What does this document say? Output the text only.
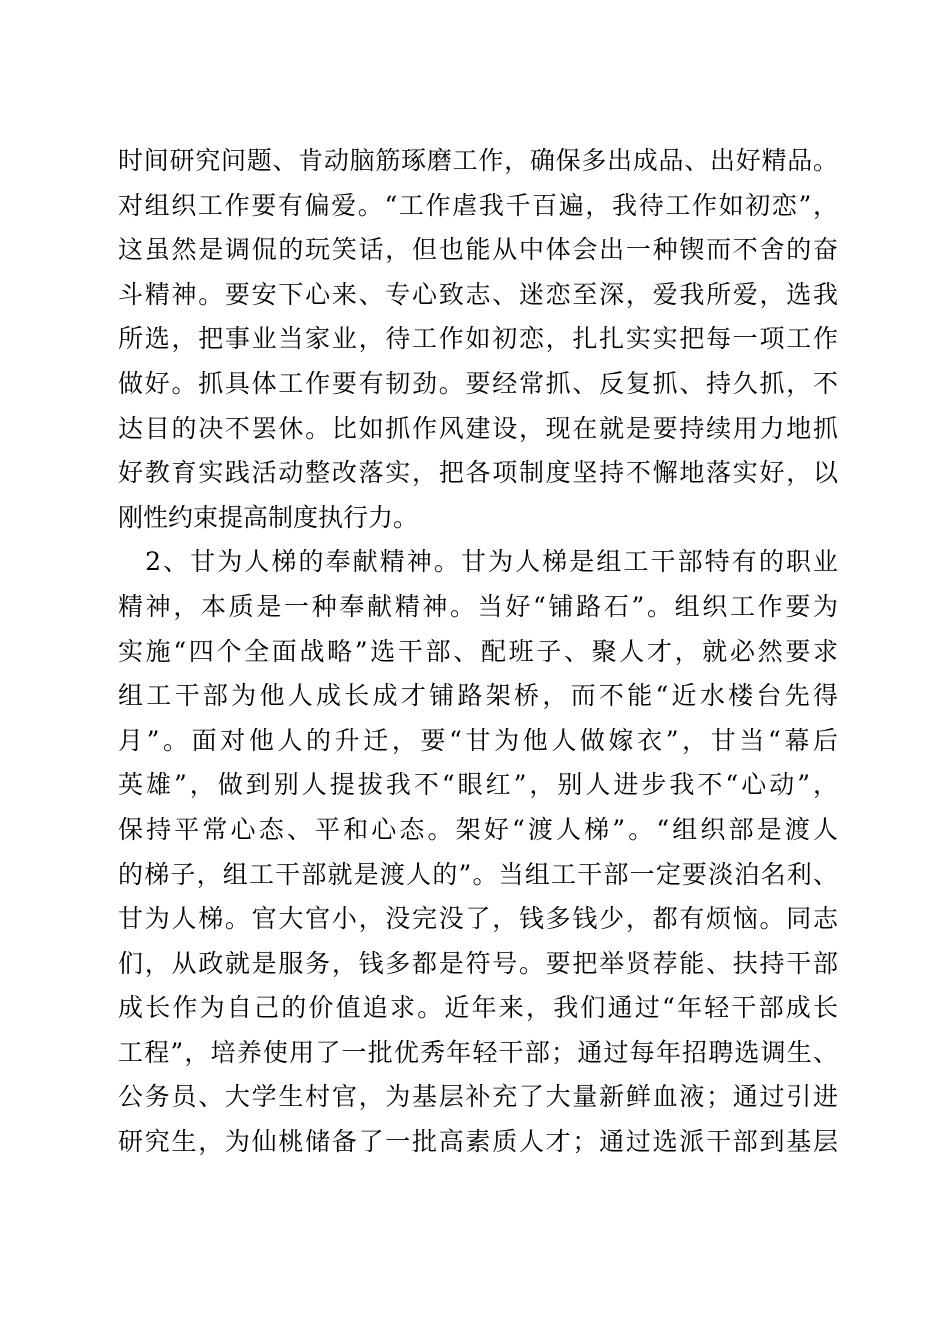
时间研究问题、肯动脑筋琢磨工作，确保多出成品、出好精品。
对组织工作要有偏爱。“工作虐我千百遍，我待工作如初恋”，
这虽然是调侃的玩笑话，但也能从中体会出一种锲而不舍的奋
斗精神。要安下心来、专心致志、迷恋至深，爱我所爱，选我
所选，把事业当家业，待工作如初恋，扎扎实实把每一项工作
做好。抓具体工作要有韧劲。要经常抓、反复抓、持久抓，不
达目的决不罢休。比如抓作风建设，现在就是要持续用力地抓
好教育实践活动整改落实，把各项制度坚持不懈地落实好，以
刚性约束提高制度执行力。
　2、甘为人梯的奉献精神。甘为人梯是组工干部特有的职业
精神，本质是一种奉献精神。当好“铺路石”。组织工作要为
实施“四个全面战略”选干部、配班子、聚人才，就必然要求
组工干部为他人成长成才铺路架桥，而不能“近水楼台先得
月”。面对他人的升迁，要“甘为他人做嫁衣”，甘当“幕后
英雄”，做到别人提拔我不“眼红”，别人进步我不“心动”，
保持平常心态、平和心态。架好“渡人梯”。“组织部是渡人
的梯子，组工干部就是渡人的”。当组工干部一定要淡泊名利、
甘为人梯。官大官小，没完没了，钱多钱少，都有烦恼。同志
们，从政就是服务，钱多都是符号。要把举贤荐能、扶持干部
成长作为自己的价值追求。近年来，我们通过“年轻干部成长
工程”，培养使用了一批优秀年轻干部；通过每年招聘选调生、
公务员、大学生村官，为基层补充了大量新鲜血液；通过引进
研究生，为仙桃储备了一批高素质人才；通过选派干部到基层
